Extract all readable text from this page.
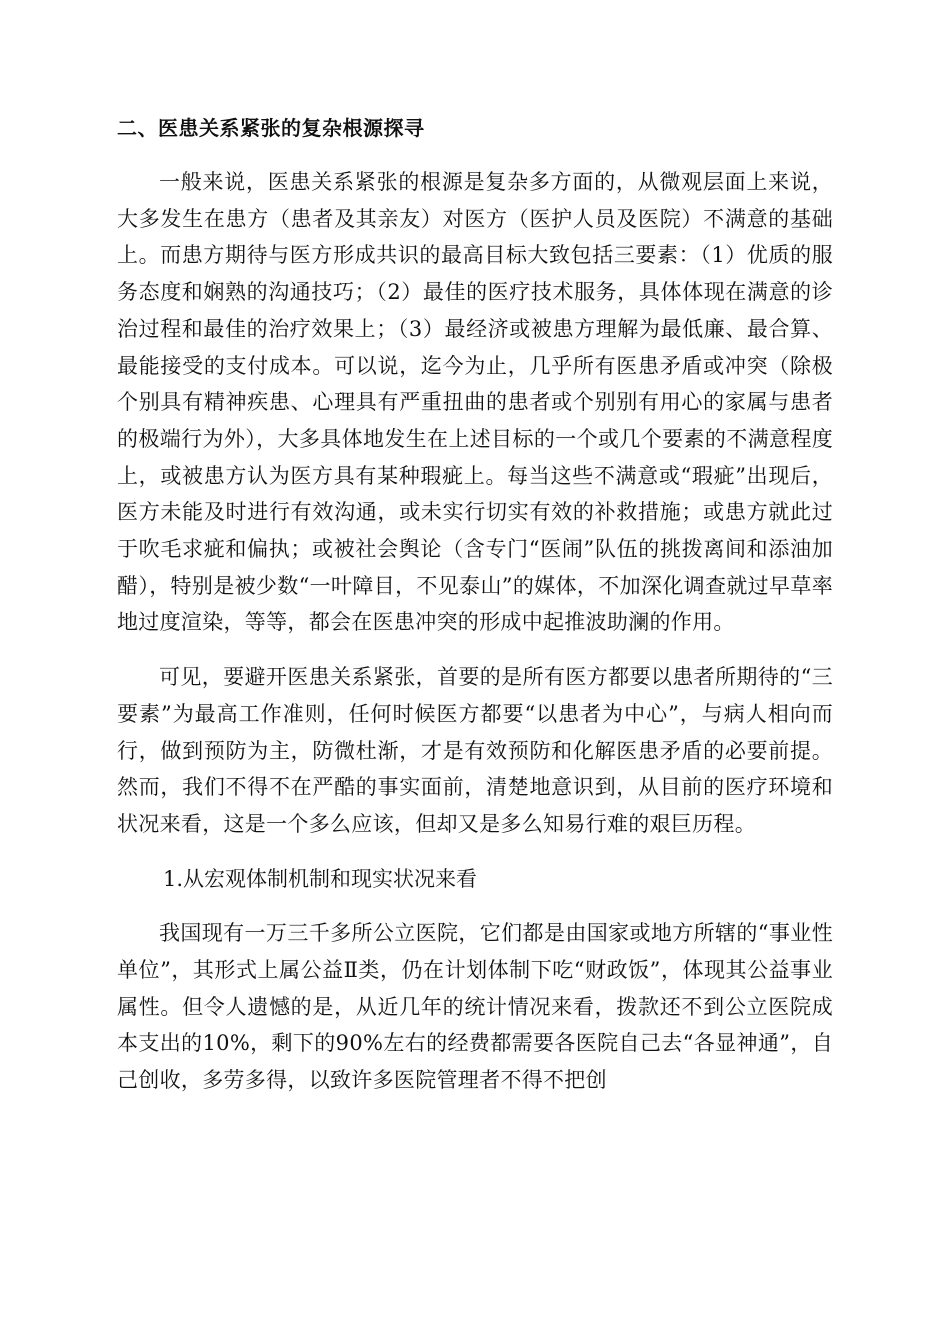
二、医患关系紧张的复杂根源探寻

一般来说，医患关系紧张的根源是复杂多方面的，从微观层面上来说，大多发生在患方（患者及其亲友）对医方（医护人员及医院）不满意的基础上。而患方期待与医方形成共识的最高目标大致包括三要素：（1）优质的服务态度和娴熟的沟通技巧；（2）最佳的医疗技术服务，具体体现在满意的诊治过程和最佳的治疗效果上；（3）最经济或被患方理解为最低廉、最合算、最能接受的支付成本。可以说，迄今为止，几乎所有医患矛盾或冲突（除极个别具有精神疾患、心理具有严重扭曲的患者或个别别有用心的家属与患者的极端行为外），大多具体地发生在上述目标的一个或几个要素的不满意程度上，或被患方认为医方具有某种瑕疵上。每当这些不满意或“瑕疵”出现后，医方未能及时进行有效沟通，或未实行切实有效的补救措施；或患方就此过于吹毛求疵和偏执；或被社会舆论（含专门“医闹”队伍的挑拨离间和添油加醋），特别是被少数“一叶障目，不见泰山”的媒体，不加深化调查就过早草率地过度渲染，等等，都会在医患冲突的形成中起推波助澜的作用。

可见，要避开医患关系紧张，首要的是所有医方都要以患者所期待的“三要素”为最高工作准则，任何时候医方都要“以患者为中心”，与病人相向而行，做到预防为主，防微杜渐，才是有效预防和化解医患矛盾的必要前提。然而，我们不得不在严酷的事实面前，清楚地意识到，从目前的医疗环境和状况来看，这是一个多么应该，但却又是多么知易行难的艰巨历程。

1.从宏观体制机制和现实状况来看

我国现有一万三千多所公立医院，它们都是由国家或地方所辖的“事业性单位”，其形式上属公益Ⅱ类，仍在计划体制下吃“财政饭”，体现其公益事业属性。但令人遗憾的是，从近几年的统计情况来看，拨款还不到公立医院成本支出的10%，剩下的90%左右的经费都需要各医院自己去“各显神通”，自己创收，多劳多得，以致许多医院管理者不得不把创
